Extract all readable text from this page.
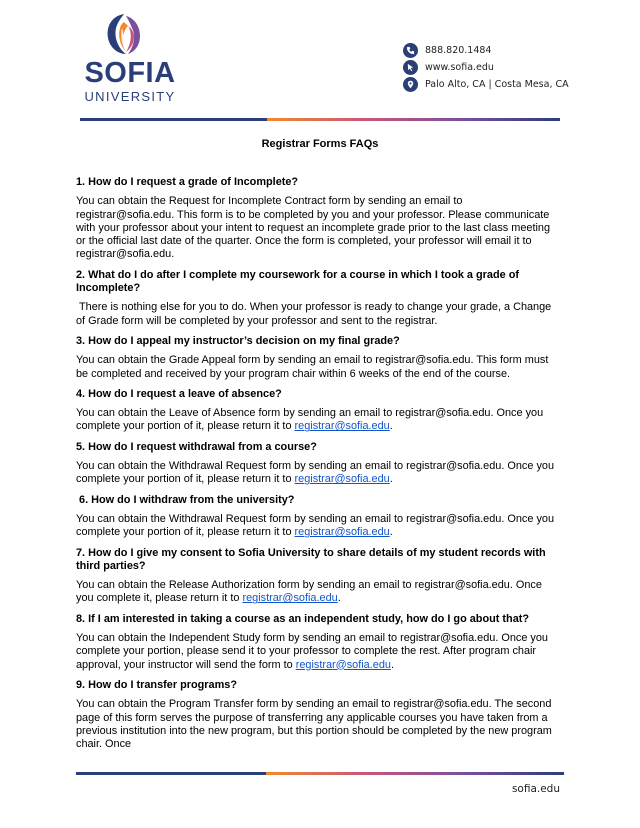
SOFIA
UNIVERSITY
888.820.1484
www.sofia.edu
Palo Alto, CA | Costa Mesa, CA
Registrar Forms FAQs

1. How do I request a grade of Incomplete?

You can obtain the Request for Incomplete Contract form by sending an email to registrar@sofia.edu. This form is to be completed by you and your professor. Please communicate with your professor about your intent to request an incomplete grade prior to the last class meeting or the official last date of the quarter. Once the form is completed, your professor will email it to registrar@sofia.edu.

2. What do I do after I complete my coursework for a course in which I took a grade of Incomplete?

There is nothing else for you to do. When your professor is ready to change your grade, a Change of Grade form will be completed by your professor and sent to the registrar.

3. How do I appeal my instructor’s decision on my final grade?

You can obtain the Grade Appeal form by sending an email to registrar@sofia.edu. This form must be completed and received by your program chair within 6 weeks of the end of the course.

4. How do I request a leave of absence?

You can obtain the Leave of Absence form by sending an email to registrar@sofia.edu. Once you complete your portion of it, please return it to registrar@sofia.edu.

5. How do I request withdrawal from a course?

You can obtain the Withdrawal Request form by sending an email to registrar@sofia.edu. Once you complete your portion of it, please return it to registrar@sofia.edu.

6. How do I withdraw from the university?

You can obtain the Withdrawal Request form by sending an email to registrar@sofia.edu. Once you complete your portion of it, please return it to registrar@sofia.edu.

7. How do I give my consent to Sofia University to share details of my student records with third parties?

You can obtain the Release Authorization form by sending an email to registrar@sofia.edu. Once you complete it, please return it to registrar@sofia.edu.

8. If I am interested in taking a course as an independent study, how do I go about that?

You can obtain the Independent Study form by sending an email to registrar@sofia.edu. Once you complete your portion, please send it to your professor to complete the rest. After program chair approval, your instructor will send the form to registrar@sofia.edu.

9. How do I transfer programs?

You can obtain the Program Transfer form by sending an email to registrar@sofia.edu. The second page of this form serves the purpose of transferring any applicable courses you have taken from a previous institution into the new program, but this portion should be completed by the new program chair. Once

sofia.edu
